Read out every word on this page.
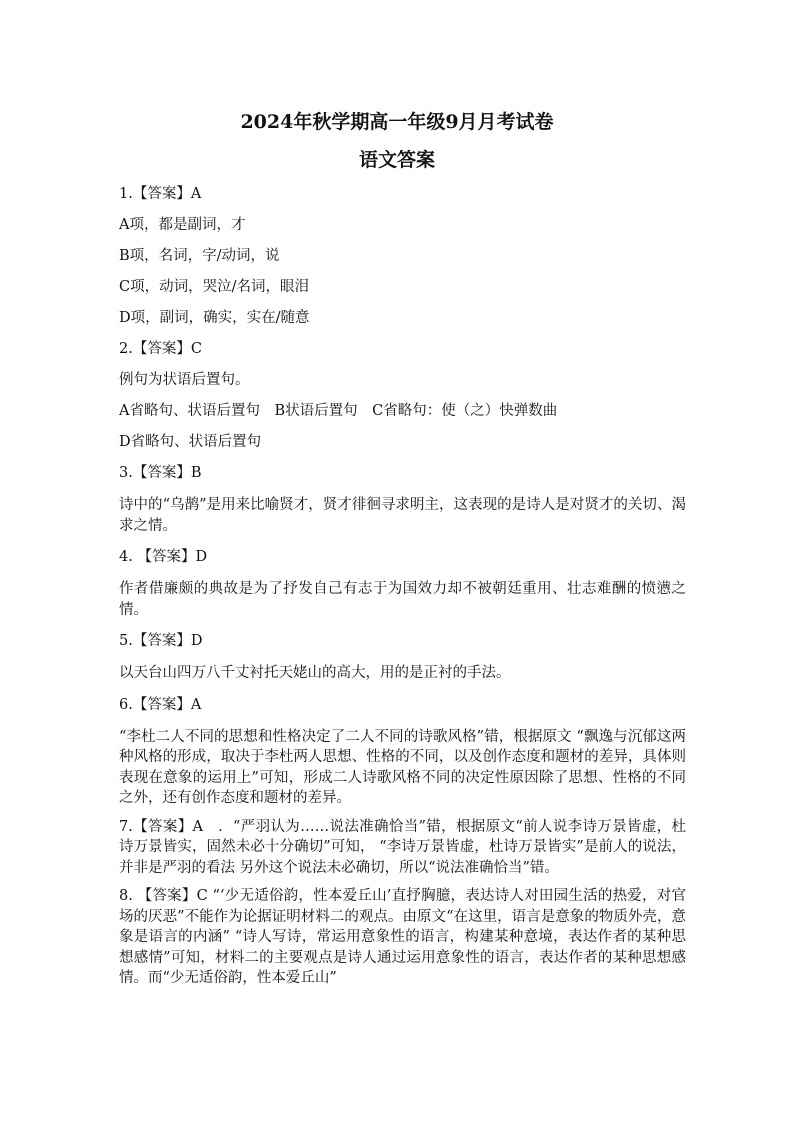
2024年秋学期高一年级9月月考试卷
语文答案
1.【答案】A
A项，都是副词，才
B项，名词，字/动词，说
C项，动词，哭泣/名词，眼泪
D项，副词，确实，实在/随意
2.【答案】C
例句为状语后置句。
A省略句、状语后置句　B状语后置句　C省略句：使（之）快弹数曲
D省略句、状语后置句
3.【答案】B
诗中的“乌鹊”是用来比喻贤才，贤才徘徊寻求明主，这表现的是诗人是对贤才的关切、渴求之情。
4. 【答案】D
作者借廉颇的典故是为了抒发自己有志于为国效力却不被朝廷重用、壮志难酬的愤懑之情。
5.【答案】D
以天台山四万八千丈衬托天姥山的高大，用的是正衬的手法。
6.【答案】A
“李杜二人不同的思想和性格决定了二人不同的诗歌风格”错，根据原文 “飘逸与沉郁这两种风格的形成，取决于李杜两人思想、性格的不同，以及创作态度和题材的差异，具体则表现在意象的运用上”可知，形成二人诗歌风格不同的决定性原因除了思想、性格的不同之外，还有创作态度和题材的差异。
7.【答案】A　．“严羽认为……说法准确恰当”错，根据原文“前人说李诗万景皆虚，杜诗万景皆实，固然未必十分确切”可知， “李诗万景皆虚，杜诗万景皆实”是前人的说法，并非是严羽的看法 另外这个说法未必确切，所以“说法准确恰当”错。
8. 【答案】C “‘少无适俗韵，性本爱丘山’直抒胸臆，表达诗人对田园生活的热爱，对官场的厌恶”不能作为论据证明材料二的观点。由原文“在这里，语言是意象的物质外壳，意象是语言的内涵” “诗人写诗，常运用意象性的语言，构建某种意境，表达作者的某种思想感情”可知，材料二的主要观点是诗人通过运用意象性的语言，表达作者的某种思想感情。而“少无适俗韵，性本爱丘山”
